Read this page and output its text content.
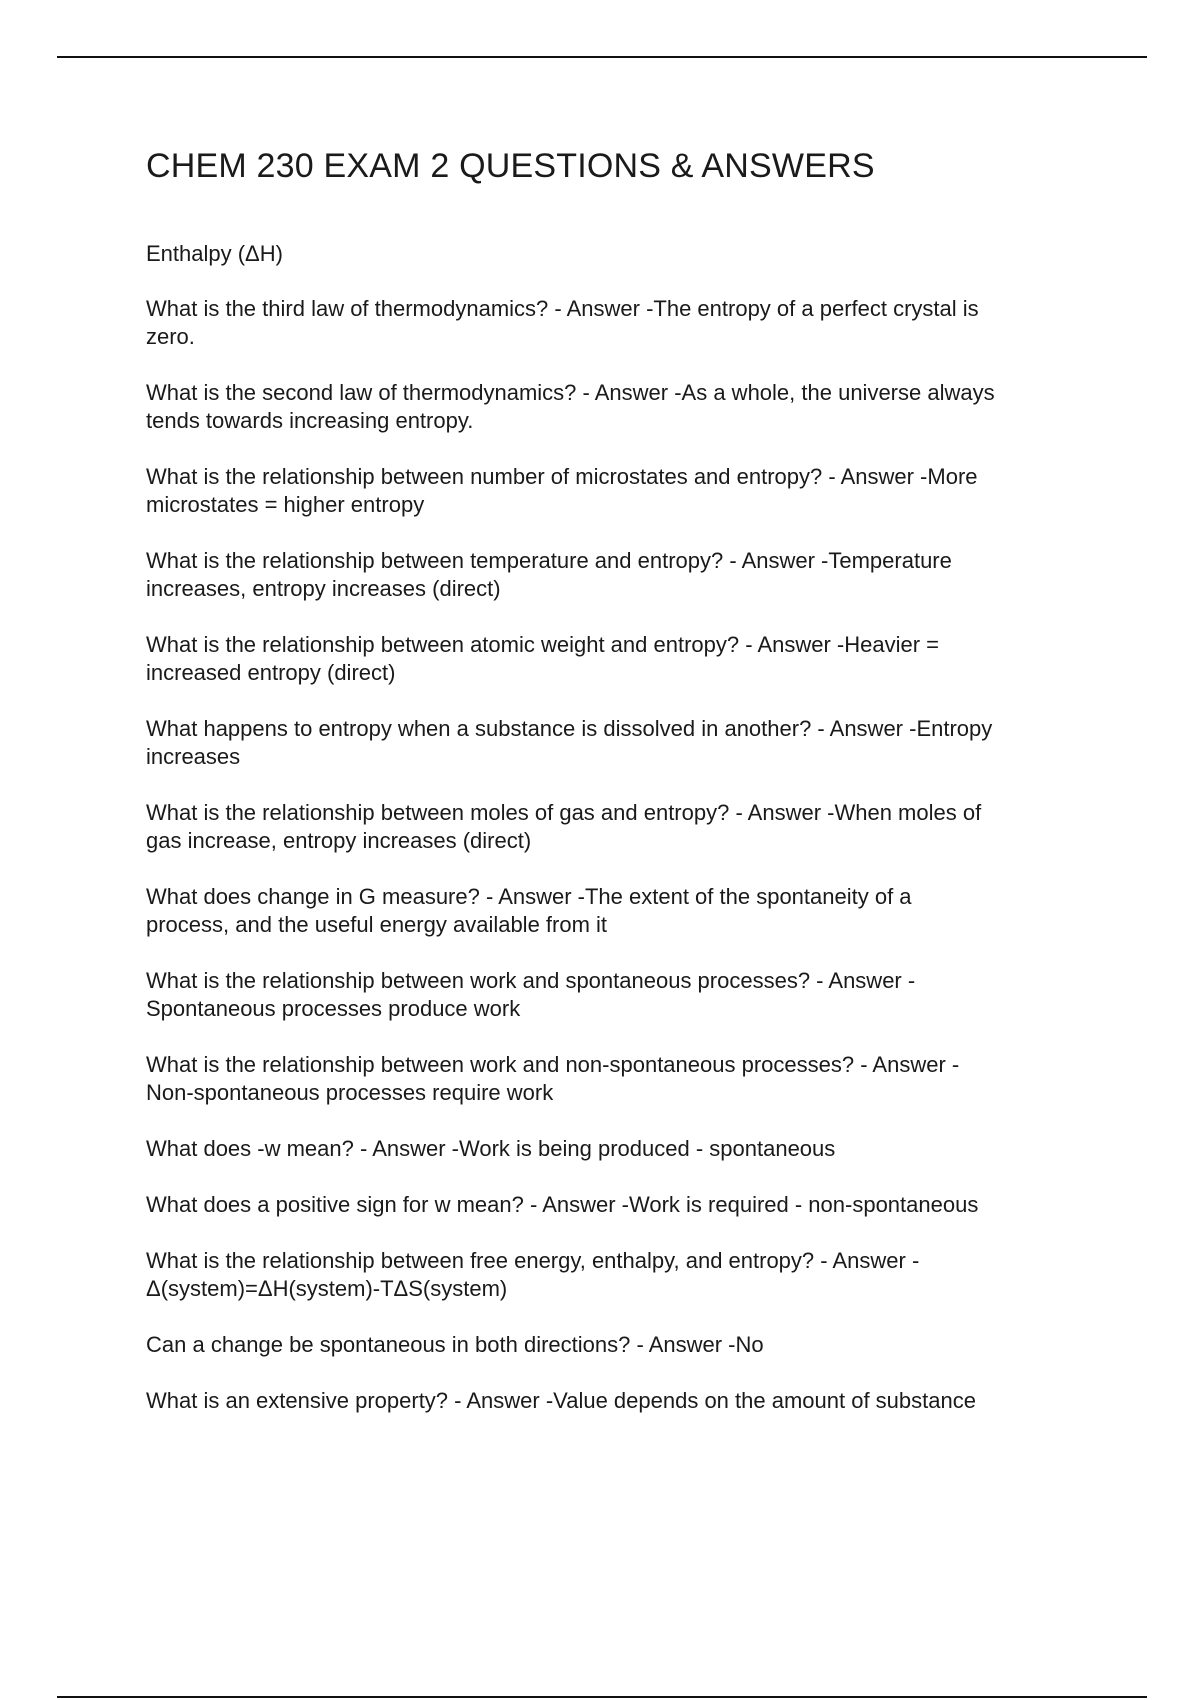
CHEM 230 EXAM 2 QUESTIONS & ANSWERS
Enthalpy (ΔH)

What is the third law of thermodynamics? - Answer -The entropy of a perfect crystal is
zero.

What is the second law of thermodynamics? - Answer -As a whole, the universe always
tends towards increasing entropy.

What is the relationship between number of microstates and entropy? - Answer -More
microstates = higher entropy

What is the relationship between temperature and entropy? - Answer -Temperature
increases, entropy increases (direct)

What is the relationship between atomic weight and entropy? - Answer -Heavier =
increased entropy (direct)

What happens to entropy when a substance is dissolved in another? - Answer -Entropy
increases

What is the relationship between moles of gas and entropy? - Answer -When moles of
gas increase, entropy increases (direct)

What does change in G measure? - Answer -The extent of the spontaneity of a
process, and the useful energy available from it

What is the relationship between work and spontaneous processes? - Answer -
Spontaneous processes produce work

What is the relationship between work and non-spontaneous processes? - Answer -
Non-spontaneous processes require work

What does -w mean? - Answer -Work is being produced - spontaneous

What does a positive sign for w mean? - Answer -Work is required - non-spontaneous

What is the relationship between free energy, enthalpy, and entropy? - Answer -
Δ(system)=ΔH(system)-TΔS(system)

Can a change be spontaneous in both directions? - Answer -No

What is an extensive property? - Answer -Value depends on the amount of substance
